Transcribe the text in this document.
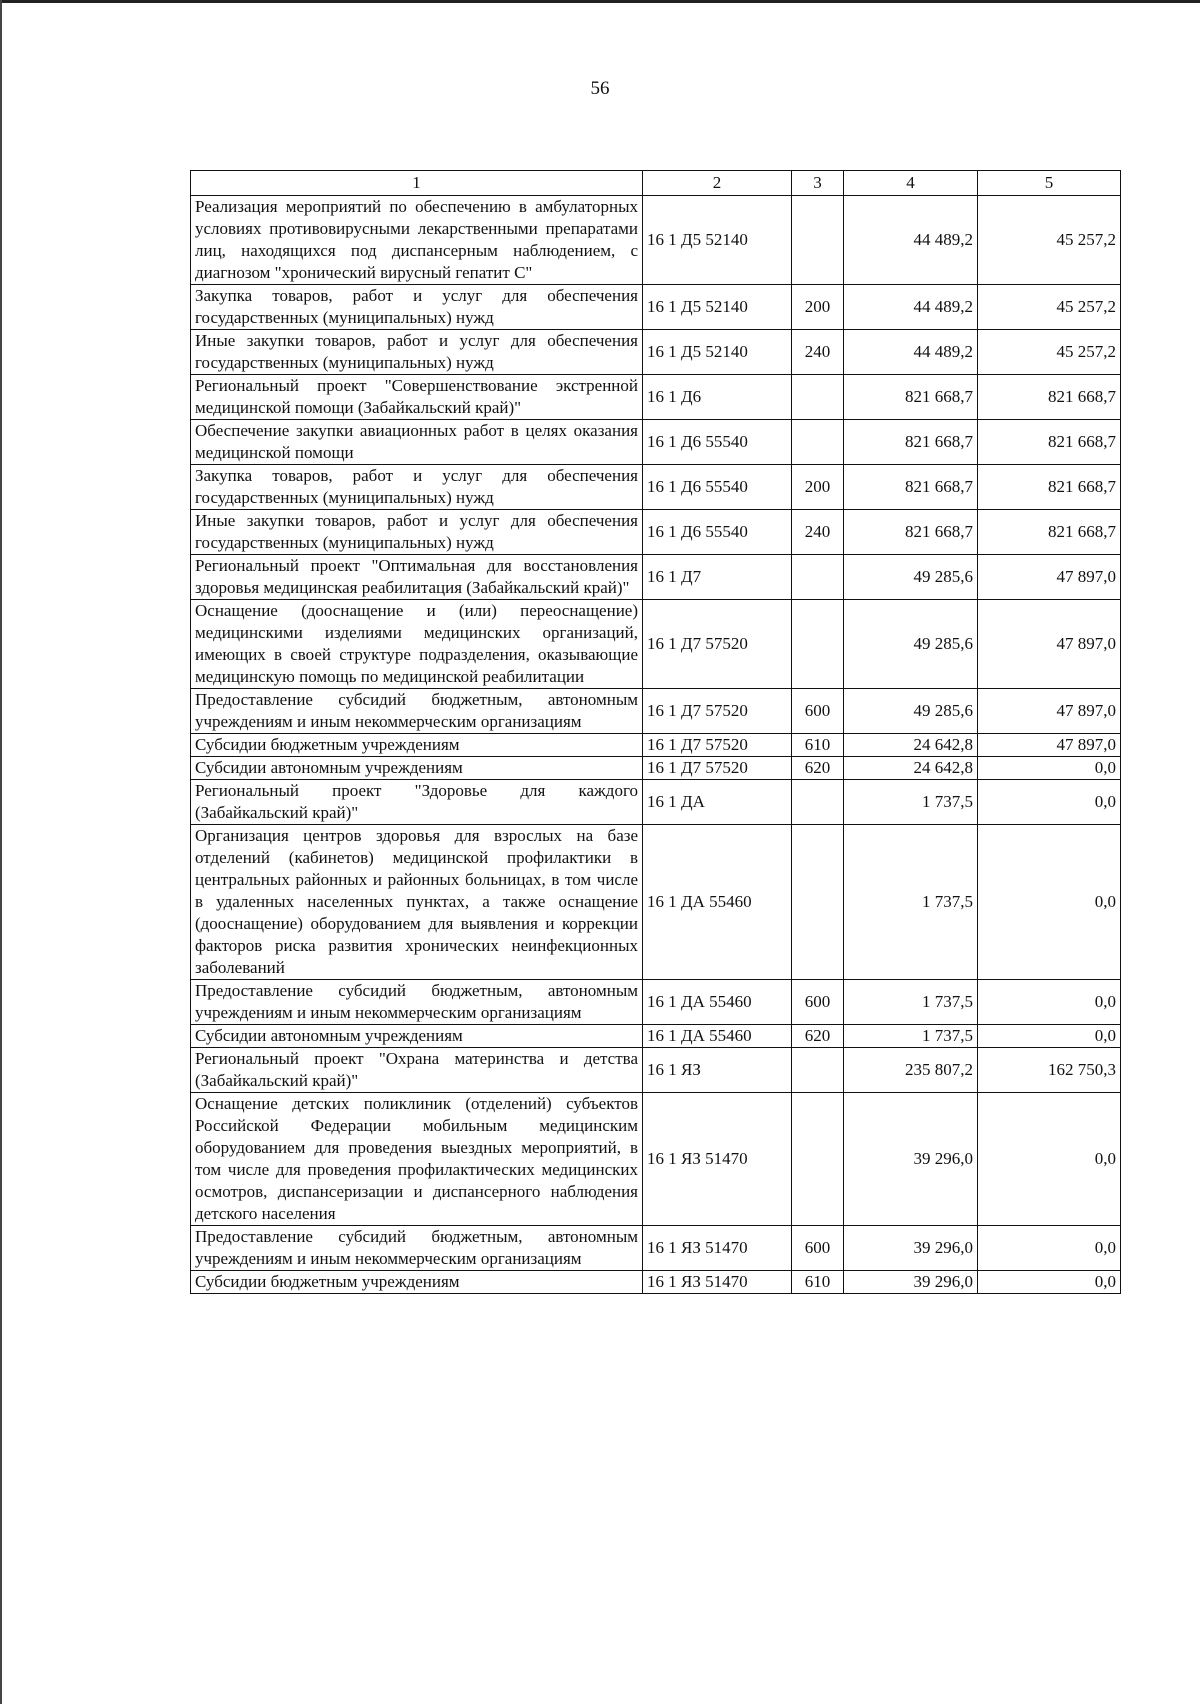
56
1	2	3	4	5
Реализация мероприятий по обеспечению в амбулаторных условиях противовирусными лекарственными препаратами лиц, находящихся под диспансерным наблюдением, с диагнозом "хронический вирусный гепатит С"	16 1 Д5 52140		44 489,2	45 257,2
Закупка товаров, работ и услуг для обеспечения государственных (муниципальных) нужд	16 1 Д5 52140	200	44 489,2	45 257,2
Иные закупки товаров, работ и услуг для обеспечения государственных (муниципальных) нужд	16 1 Д5 52140	240	44 489,2	45 257,2
Региональный проект "Совершенствование экстренной медицинской помощи (Забайкальский край)"	16 1 Д6		821 668,7	821 668,7
Обеспечение закупки авиационных работ в целях оказания медицинской помощи	16 1 Д6 55540		821 668,7	821 668,7
Закупка товаров, работ и услуг для обеспечения государственных (муниципальных) нужд	16 1 Д6 55540	200	821 668,7	821 668,7
Иные закупки товаров, работ и услуг для обеспечения государственных (муниципальных) нужд	16 1 Д6 55540	240	821 668,7	821 668,7
Региональный проект "Оптимальная для восстановления здоровья медицинская реабилитация (Забайкальский край)"	16 1 Д7		49 285,6	47 897,0
Оснащение (дооснащение и (или) переоснащение) медицинскими изделиями медицинских организаций, имеющих в своей структуре подразделения, оказывающие медицинскую помощь по медицинской реабилитации	16 1 Д7 57520		49 285,6	47 897,0
Предоставление субсидий бюджетным, автономным учреждениям и иным некоммерческим организациям	16 1 Д7 57520	600	49 285,6	47 897,0
Субсидии бюджетным учреждениям	16 1 Д7 57520	610	24 642,8	47 897,0
Субсидии автономным учреждениям	16 1 Д7 57520	620	24 642,8	0,0
Региональный проект "Здоровье для каждого (Забайкальский край)"	16 1 ДА		1 737,5	0,0
Организация центров здоровья для взрослых на базе отделений (кабинетов) медицинской профилактики в центральных районных и районных больницах, в том числе в удаленных населенных пунктах, а также оснащение (дооснащение) оборудованием для выявления и коррекции факторов риска развития хронических неинфекционных заболеваний	16 1 ДА 55460		1 737,5	0,0
Предоставление субсидий бюджетным, автономным учреждениям и иным некоммерческим организациям	16 1 ДА 55460	600	1 737,5	0,0
Субсидии автономным учреждениям	16 1 ДА 55460	620	1 737,5	0,0
Региональный проект "Охрана материнства и детства (Забайкальский край)"	16 1 ЯЗ		235 807,2	162 750,3
Оснащение детских поликлиник (отделений) субъектов Российской Федерации мобильным медицинским оборудованием для проведения выездных мероприятий, в том числе для проведения профилактических медицинских осмотров, диспансеризации и диспансерного наблюдения детского населения	16 1 ЯЗ 51470		39 296,0	0,0
Предоставление субсидий бюджетным, автономным учреждениям и иным некоммерческим организациям	16 1 ЯЗ 51470	600	39 296,0	0,0
Субсидии бюджетным учреждениям	16 1 ЯЗ 51470	610	39 296,0	0,0
